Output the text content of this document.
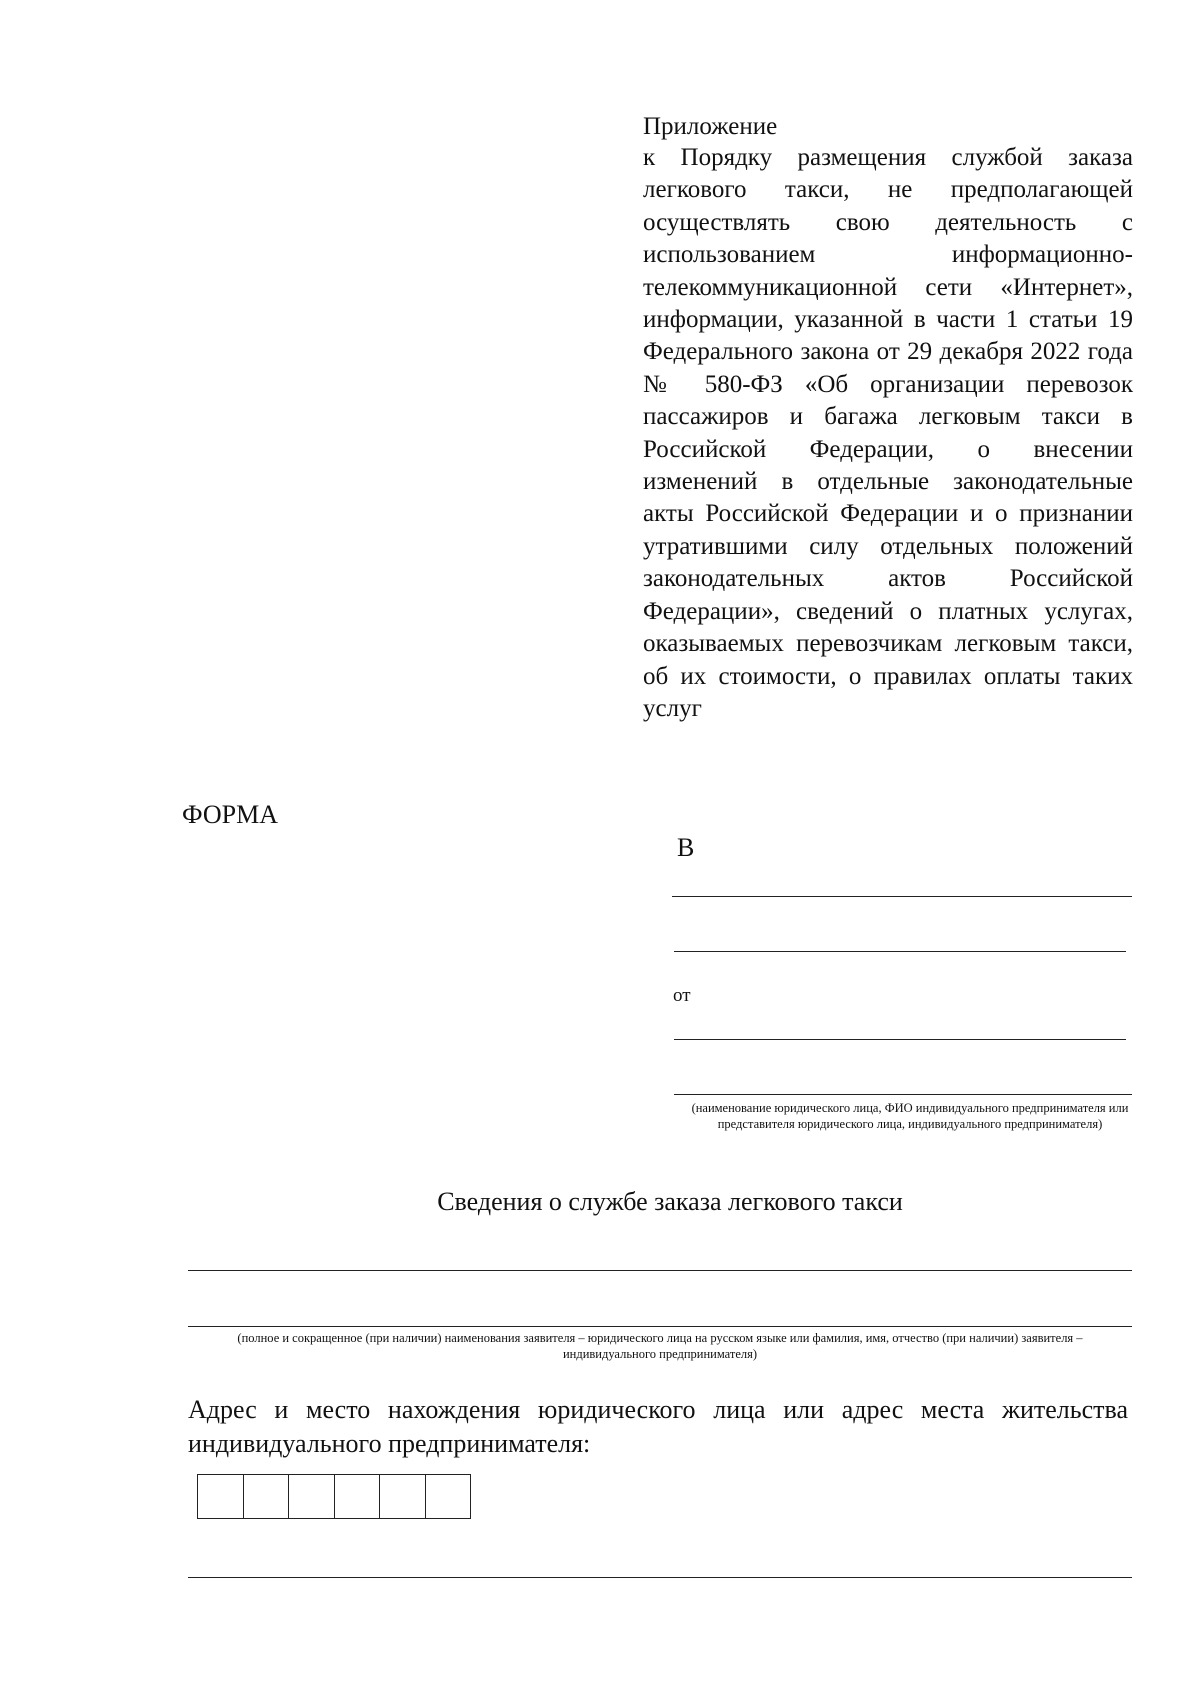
Приложение
к Порядку размещения службой заказа легкового такси, не предполагающей осуществлять свою деятельность с использованием информационно-телекоммуникационной сети «Интернет», информации, указанной в части 1 статьи 19 Федерального закона от 29 декабря 2022 года № 580-ФЗ «Об организации перевозок пассажиров и багажа легковым такси в Российской Федерации, о внесении изменений в отдельные законодательные акты Российской Федерации и о признании утратившими силу отдельных положений законодательных актов Российской Федерации», сведений о платных услугах, оказываемых перевозчикам легковым такси, об их стоимости, о правилах оплаты таких услуг
ФОРМА
В
от
(наименование юридического лица, ФИО индивидуального предпринимателя или представителя юридического лица, индивидуального предпринимателя)
Сведения о службе заказа легкового такси
(полное и сокращенное (при наличии) наименования заявителя – юридического лица на русском языке или фамилия, имя, отчество (при наличии) заявителя – индивидуального предпринимателя)
Адрес и место нахождения юридического лица или адрес места жительства индивидуального предпринимателя:
